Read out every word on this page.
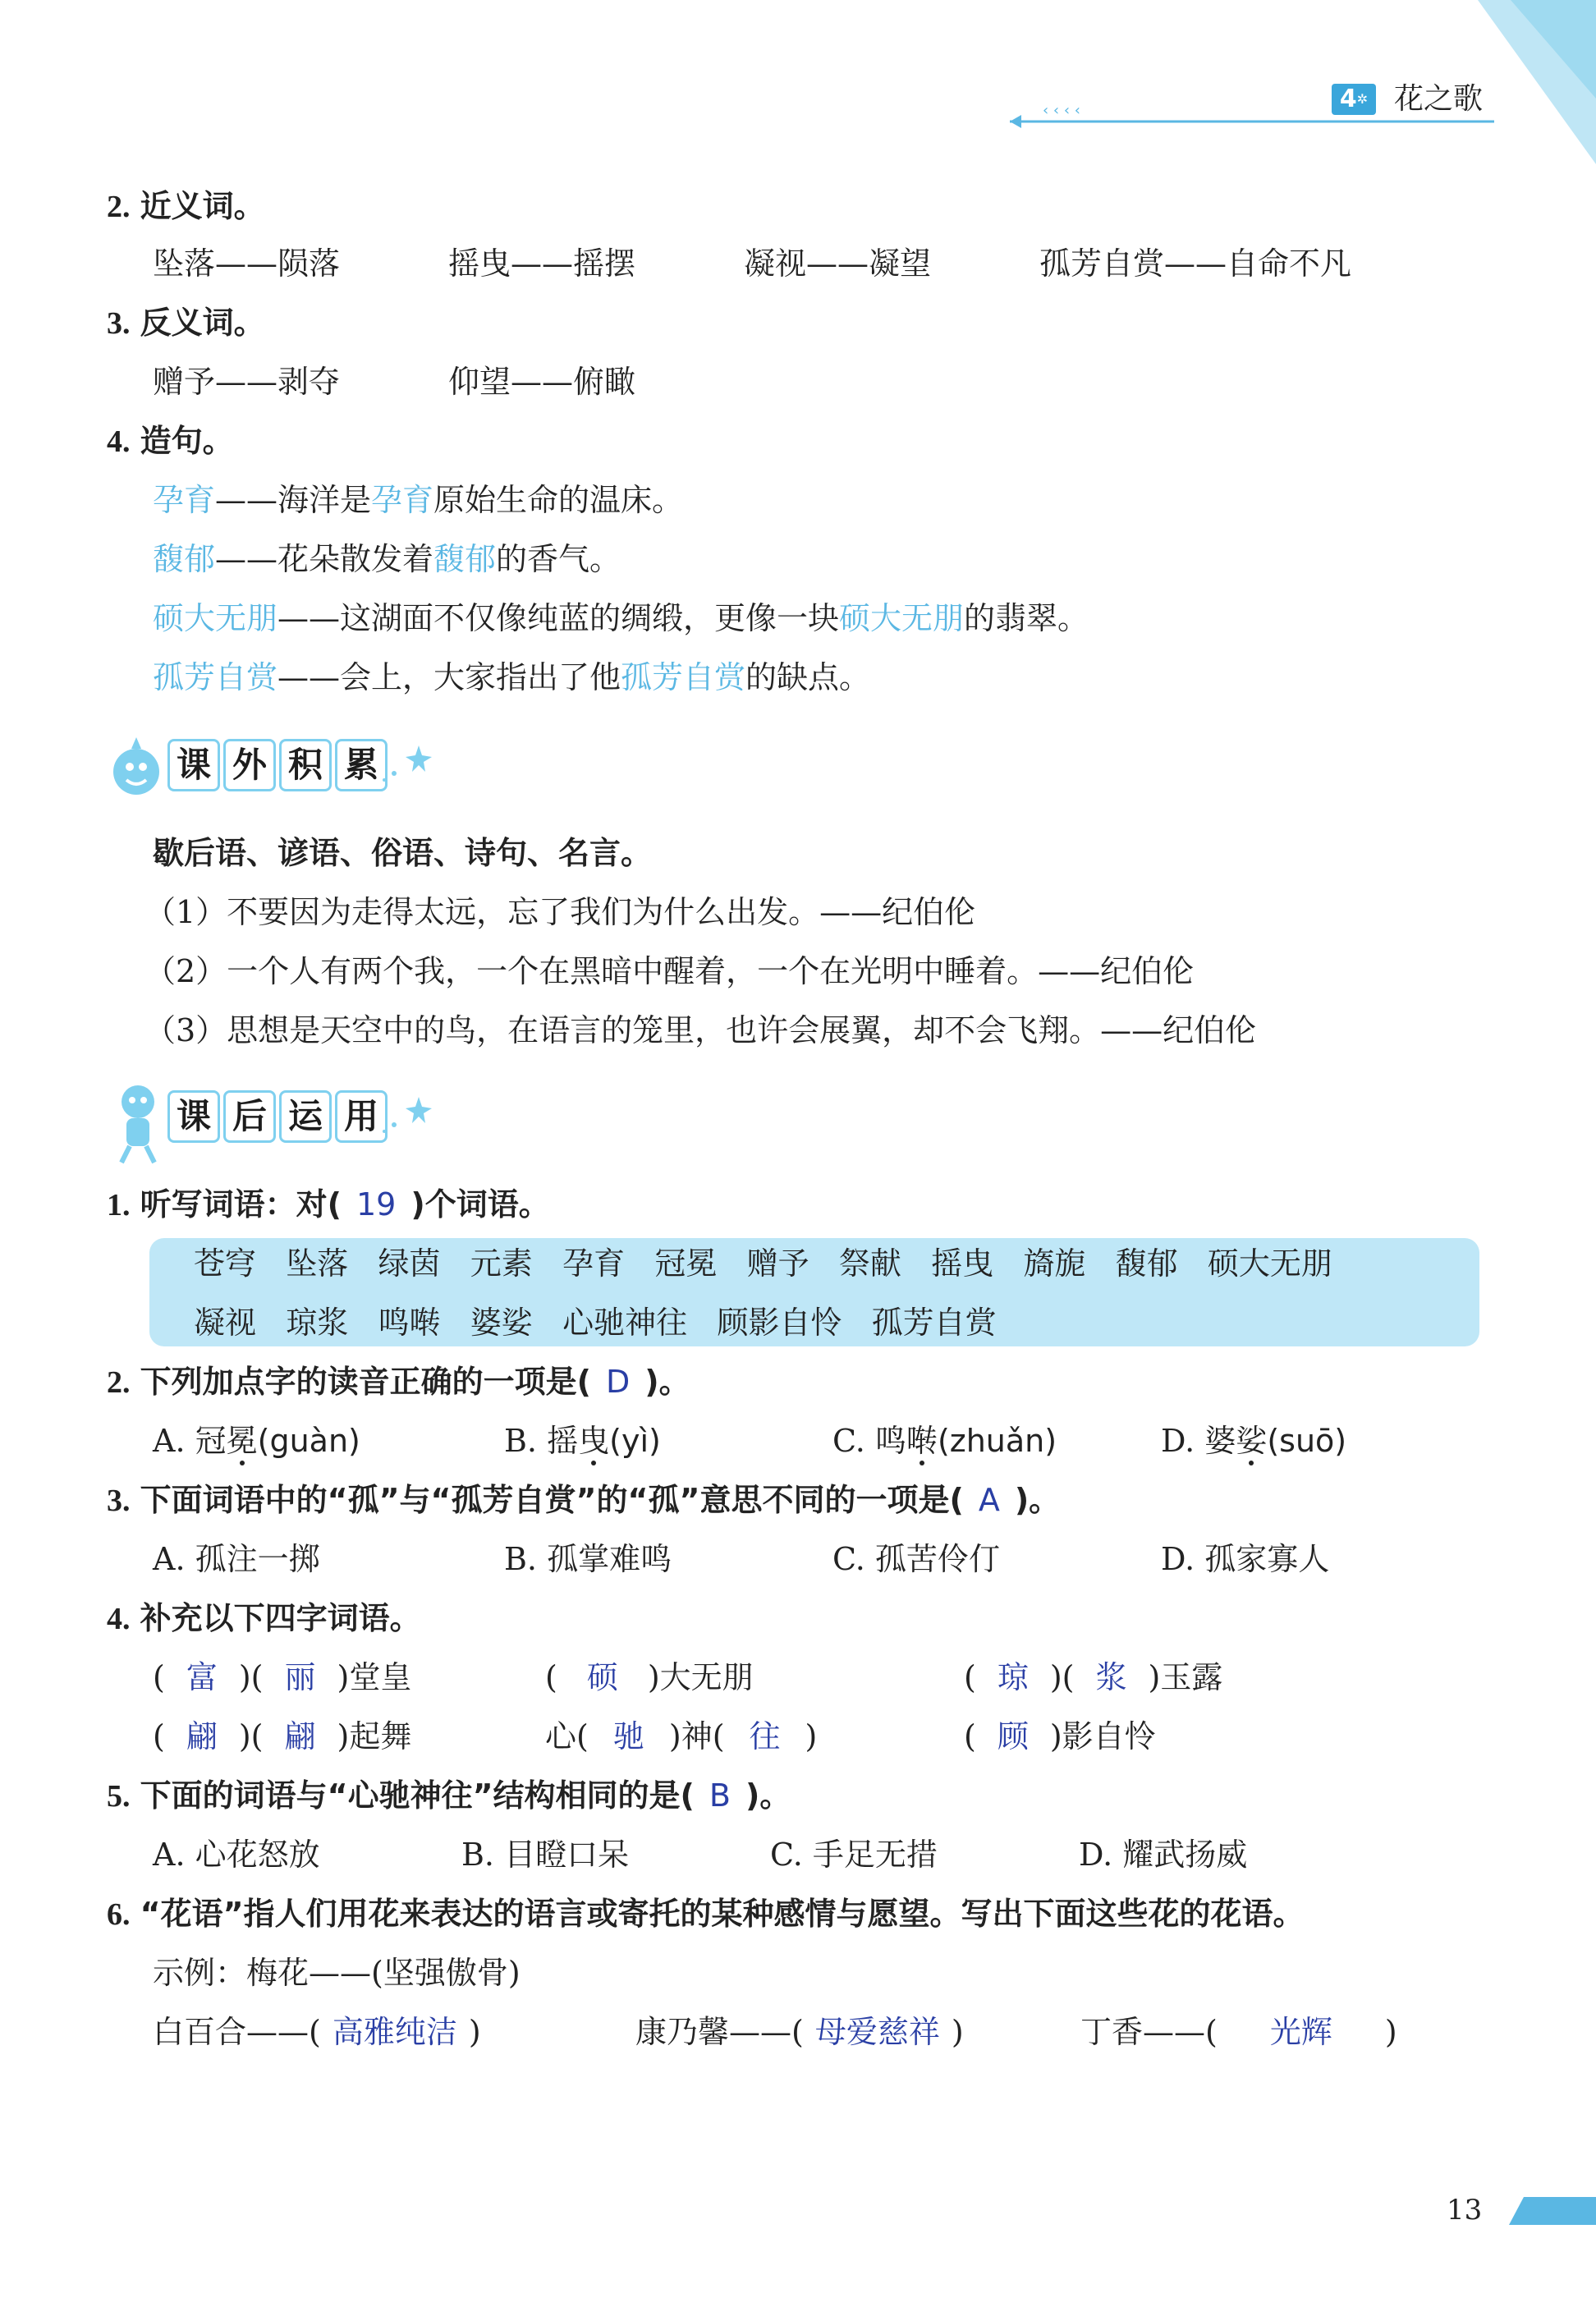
‹ ‹ ‹ ‹	4✲ 花之歌
2. 近义词。
坠落——陨落	摇曳——摇摆	凝视——凝望	孤芳自赏——自命不凡
3. 反义词。
赠予——剥夺	仰望——俯瞰
4. 造句。
孕育——海洋是孕育原始生命的温床。
馥郁——花朵散发着馥郁的香气。
硕大无朋——这湖面不仅像纯蓝的绸缎，更像一块硕大无朋的翡翠。
孤芳自赏——会上，大家指出了他孤芳自赏的缺点。
课 外 积 累
歇后语、谚语、俗语、诗句、名言。
（1）不要因为走得太远，忘了我们为什么出发。——纪伯伦
（2）一个人有两个我，一个在黑暗中醒着，一个在光明中睡着。——纪伯伦
（3）思想是天空中的鸟，在语言的笼里，也许会展翼，却不会飞翔。——纪伯伦
课 后 运 用
1. 听写词语：对( 19 )个词语。
苍穹 坠落 绿茵 元素 孕育 冠冕 赠予 祭献 摇曳 旖旎 馥郁 硕大无朋
凝视 琼浆 鸣啭 婆娑 心驰神往 顾影自怜 孤芳自赏
2. 下列加点字的读音正确的一项是( D )。
A. 冠冕(guàn)	B. 摇曳(yì)	C. 鸣啭(zhuǎn)	D. 婆娑(suō)
3. 下面词语中的“孤”与“孤芳自赏”的“孤”意思不同的一项是( A )。
A. 孤注一掷	B. 孤掌难鸣	C. 孤苦伶仃	D. 孤家寡人
4. 补充以下四字词语。
( 富 )( 丽 )堂皇	( 硕 )大无朋	( 琼 )( 浆 )玉露
( 翩 )( 翩 )起舞	心( 驰 )神( 往 )	( 顾 )影自怜
5. 下面的词语与“心驰神往”结构相同的是( B )。
A. 心花怒放	B. 目瞪口呆	C. 手足无措	D. 耀武扬威
6. “花语”指人们用花来表达的语言或寄托的某种感情与愿望。写出下面这些花的花语。
示例：梅花——(坚强傲骨)
白百合——( 高雅纯洁 )	康乃馨——( 母爱慈祥 )	丁香——( 光辉 )
13
